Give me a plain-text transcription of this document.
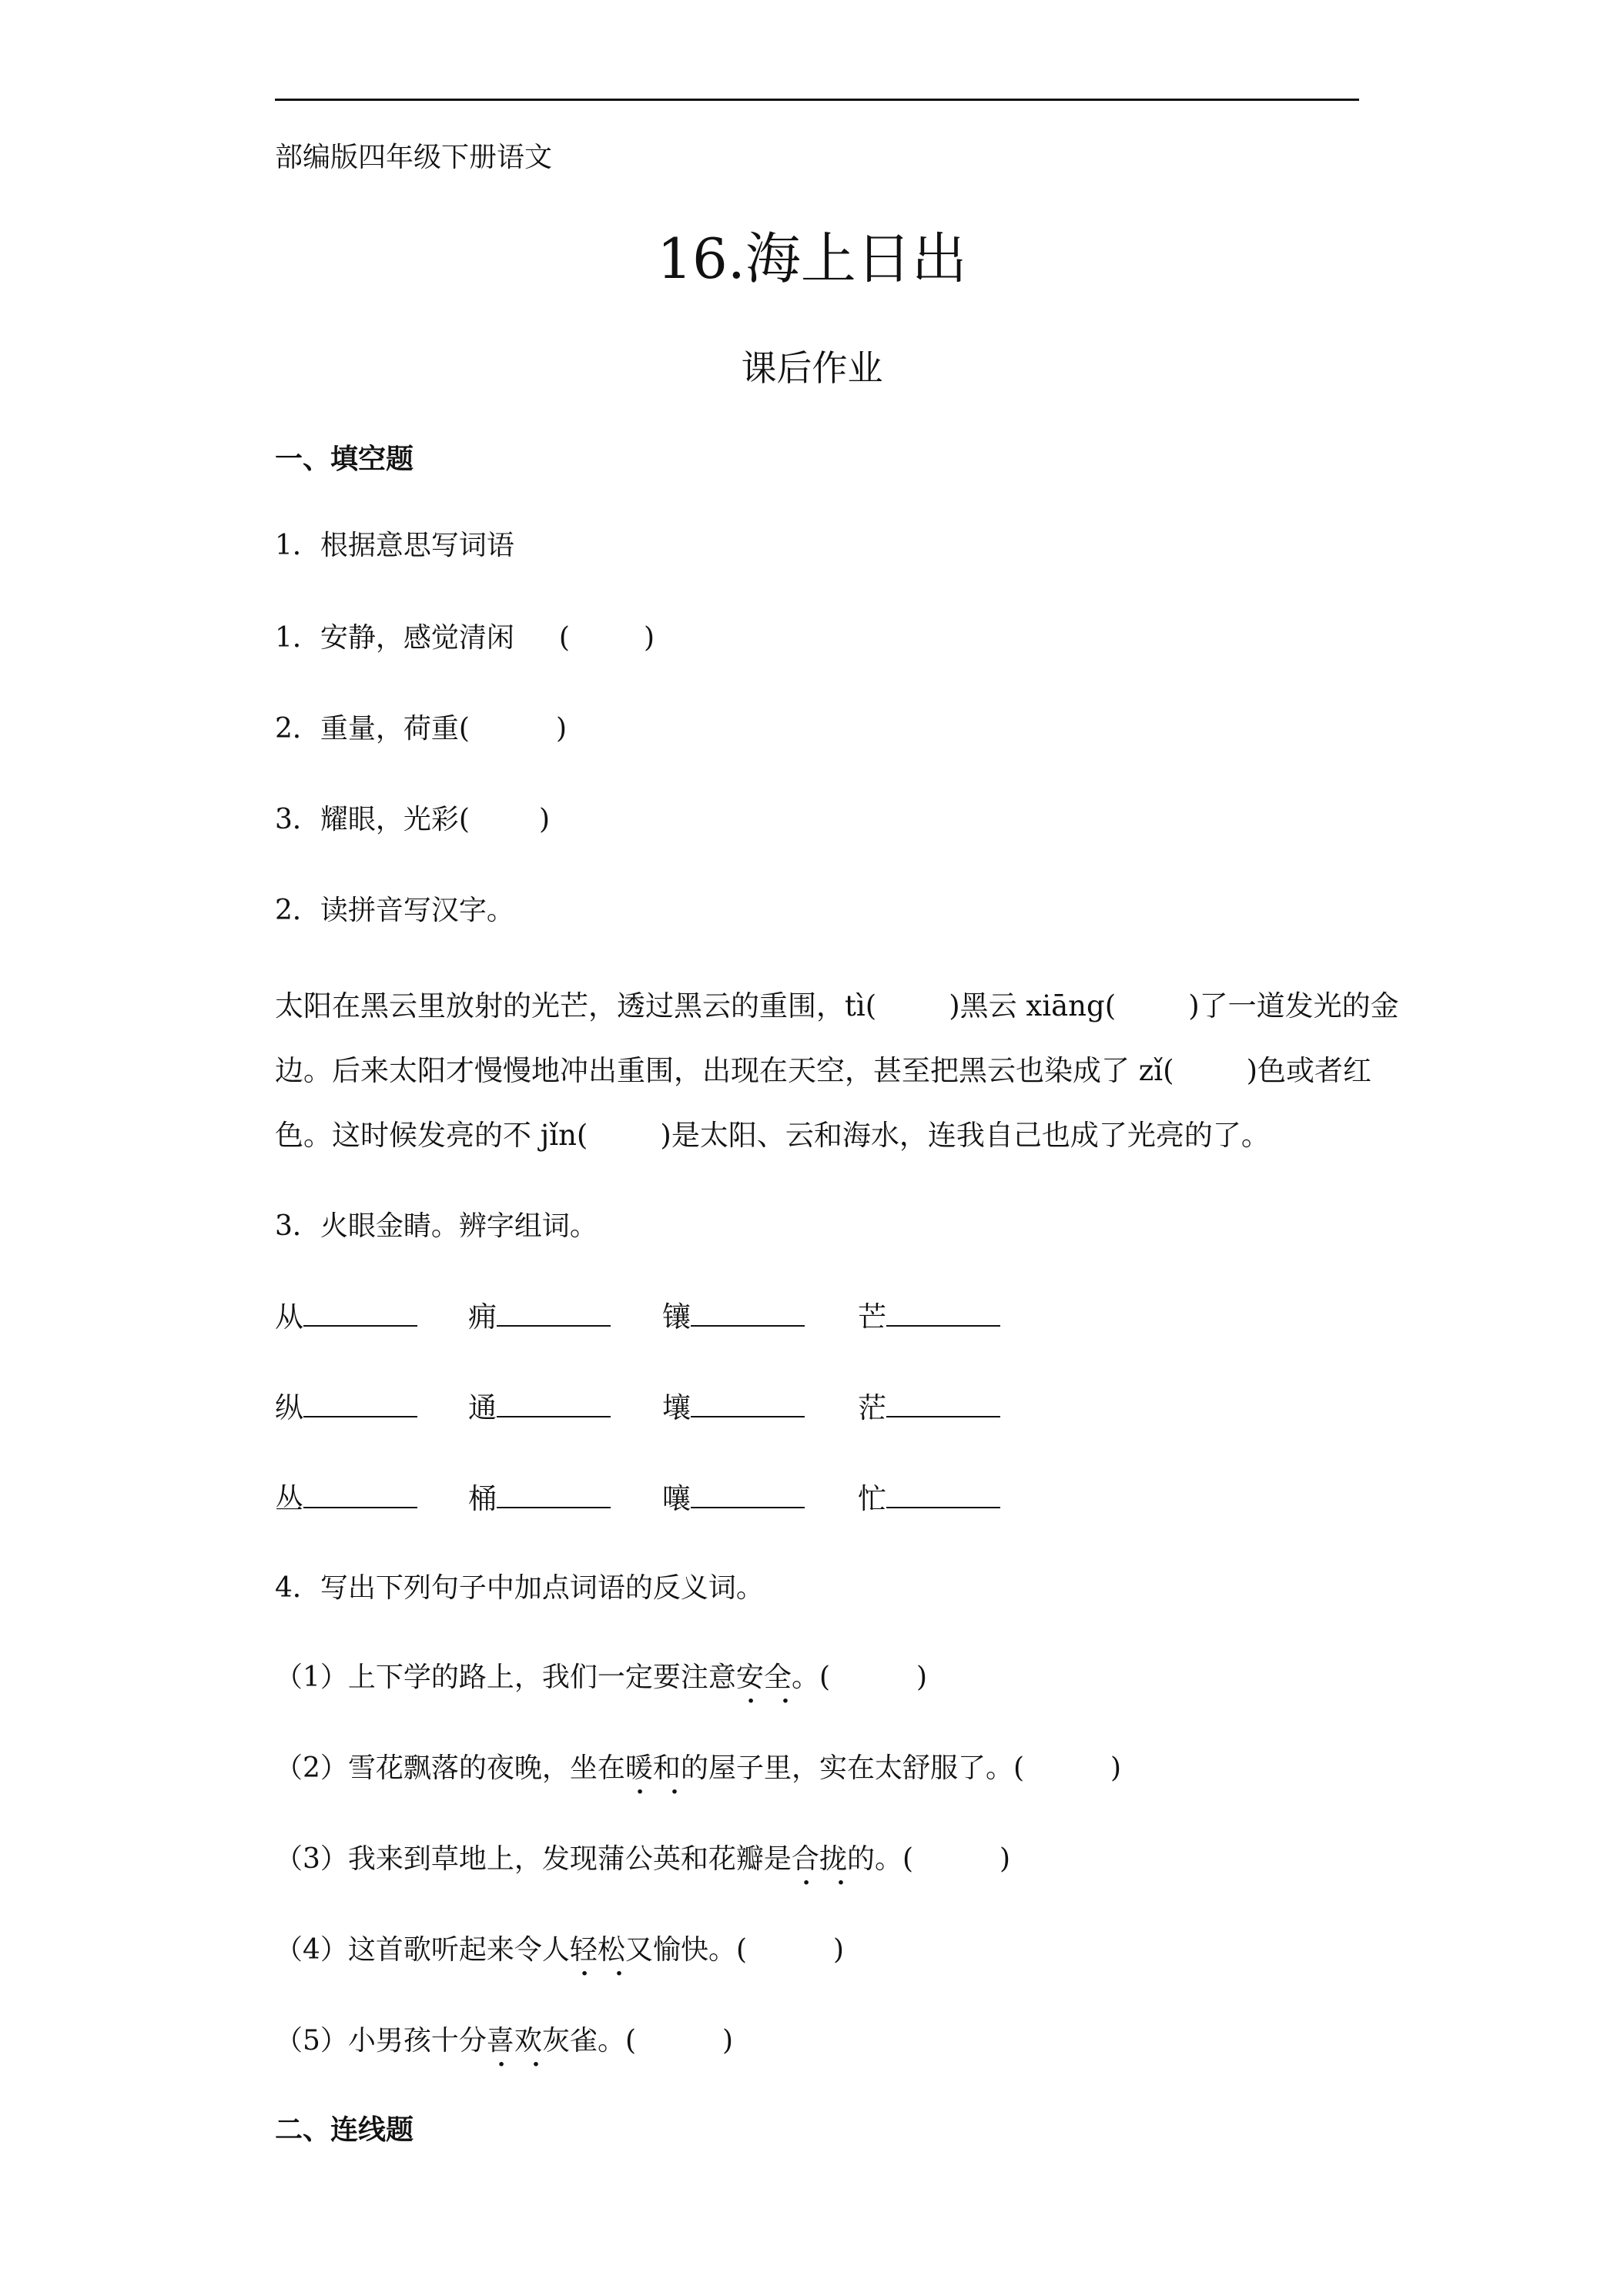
部编版四年级下册语文
16.海上日出
课后作业
一、填空题
1．根据意思写词语
1．安静，感觉清闲 (	)
2．重量，荷重(	)
3．耀眼，光彩(	)
2．读拼音写汉字。
太阳在黑云里放射的光芒，透过黑云的重围，tì(        )黑云 xiāng(        )了一道发光的金
边。后来太阳才慢慢地冲出重围，出现在天空，甚至把黑云也染成了 zǐ(        )色或者红
色。这时候发亮的不 jǐn(        )是太阳、云和海水，连我自己也成了光亮的了。
3．火眼金睛。辨字组词。
从	痈	镶	芒
纵	通	壤	茫
丛	桶	嚷	忙
4．写出下列句子中加点词语的反义词。
（1）上下学的路上，我们一定要注意安全 · ·。(	)
（2）雪花飘落的夜晚，坐在暖和 · ·的屋子里，实在太舒服了。(	)
（3）我来到草地上，发现蒲公英和花瓣是合拢 · ·的。(	)
（4）这首歌听起来令人轻松 · ·又愉快。(	)
（5）小男孩十分喜欢 · ·灰雀。(	)
二、连线题
